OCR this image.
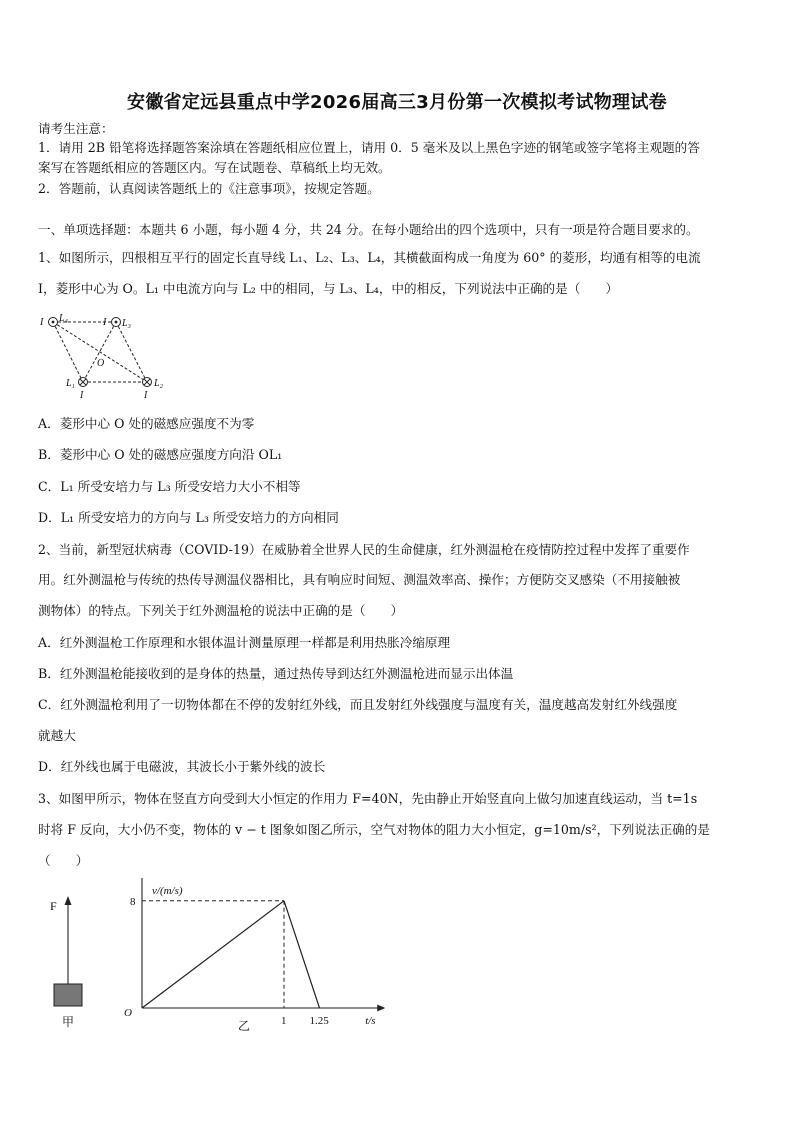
安徽省定远县重点中学2026届高三3月份第一次模拟考试物理试卷
请考生注意：
1．请用 2B 铅笔将选择题答案涂填在答题纸相应位置上，请用 0．5 毫米及以上黑色字迹的钢笔或签字笔将主观题的答
案写在答题纸相应的答题区内。写在试题卷、草稿纸上均无效。
2．答题前，认真阅读答题纸上的《注意事项》，按规定答题。
一、单项选择题：本题共 6 小题，每小题 4 分，共 24 分。在每小题给出的四个选项中，只有一项是符合题目要求的。
1、如图所示，四根相互平行的固定长直导线 L₁、L₂、L₃、L₄，其横截面构成一角度为 60° 的菱形，均通有相等的电流
I，菱形中心为 O。L₁ 中电流方向与 L₂ 中的相同，与 L₃、L₄，中的相反，下列说法中正确的是（　　）
I L₄	I L₃
O
L₁
I
L₂
I
A．菱形中心 O 处的磁感应强度不为零
B．菱形中心 O 处的磁感应强度方向沿 OL₁
C．L₁ 所受安培力与 L₃ 所受安培力大小不相等
D．L₁ 所受安培力的方向与 L₃ 所受安培力的方向相同
2、当前，新型冠状病毒（COVID-19）在威胁着全世界人民的生命健康，红外测温枪在疫情防控过程中发挥了重要作
用。红外测温枪与传统的热传导测温仪器相比，具有响应时间短、测温效率高、操作；方便防交叉感染（不用接触被
测物体）的特点。下列关于红外测温枪的说法中正确的是（　　）
A．红外测温枪工作原理和水银体温计测量原理一样都是利用热胀冷缩原理
B．红外测温枪能接收到的是身体的热量，通过热传导到达红外测温枪进而显示出体温
C．红外测温枪利用了一切物体都在不停的发射红外线，而且发射红外线强度与温度有关，温度越高发射红外线强度
就越大
D．红外线也属于电磁波，其波长小于紫外线的波长
3、如图甲所示，物体在竖直方向受到大小恒定的作用力 F=40N，先由静止开始竖直向上做匀加速直线运动，当 t=1s
时将 F 反向，大小仍不变，物体的 v − t 图象如图乙所示，空气对物体的阻力大小恒定，g=10m/s²，下列说法正确的是
（　　）
F
甲
v/(m/s)
t/s
O
8
1 1.25
乙
